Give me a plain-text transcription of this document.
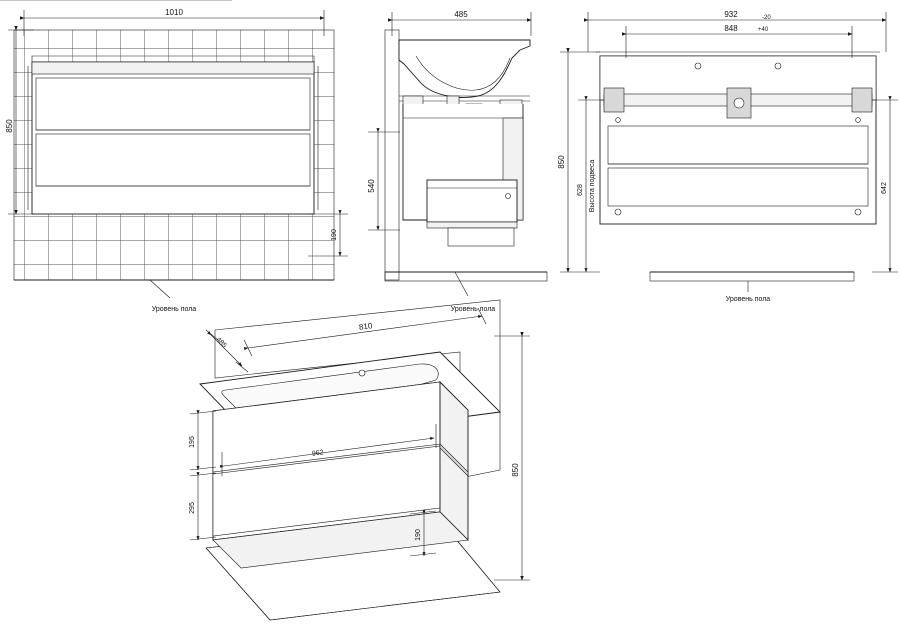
1010
850
190
Уровень пола
485
540
Уровень пола
932	-20
848	+40
850
628 Высота подвеса	642
Уровень пола
810
485
195
295
962
190
850
